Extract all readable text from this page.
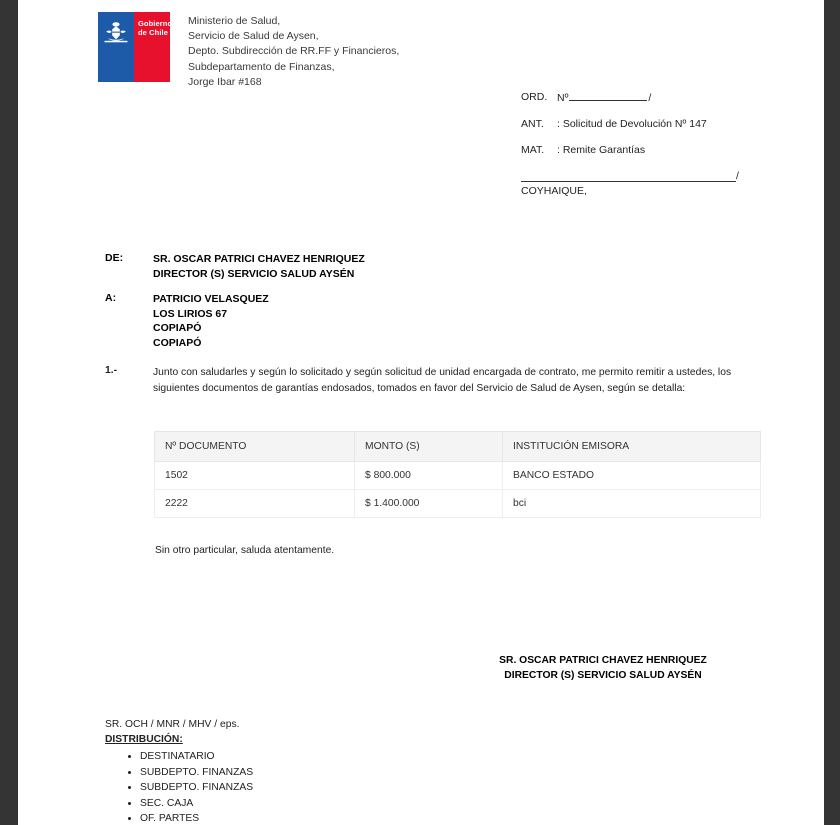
Gobierno
de Chile
Ministerio de Salud,
Servicio de Salud de Aysen,
Depto. Subdirección de RR.FF y Financieros,
Subdepartamento de Finanzas,
Jorge Ibar #168
ORD. Nº	/
ANT.	: Solicitud de Devolución Nº 147
MAT.	: Remite Garantías
/
COYHAIQUE,
DE:	SR. OSCAR PATRICI CHAVEZ HENRIQUEZ
DIRECTOR (S) SERVICIO SALUD AYSÉN
A:	PATRICIO VELASQUEZ
LOS LIRIOS 67
COPIAPÓ
COPIAPÓ
1.-	Junto con saludarles y según lo solicitado y según solicitud de unidad encargada de contrato, me permito remitir a ustedes, los siguientes documentos de garantías endosados, tomados en favor del Servicio de Salud de Aysen, según se detalla:
Nº DOCUMENTO	MONTO (S)	INSTITUCIÓN EMISORA
1502	$ 800.000	BANCO ESTADO
2222	$ 1.400.000	bci
Sin otro particular, saluda atentamente.
SR. OSCAR PATRICI CHAVEZ HENRIQUEZ
DIRECTOR (S) SERVICIO SALUD AYSÉN
SR. OCH / MNR / MHV / eps.
DISTRIBUCIÓN:
• DESTINATARIO
• SUBDEPTO. FINANZAS
• SUBDEPTO. FINANZAS
• SEC. CAJA
• OF. PARTES
